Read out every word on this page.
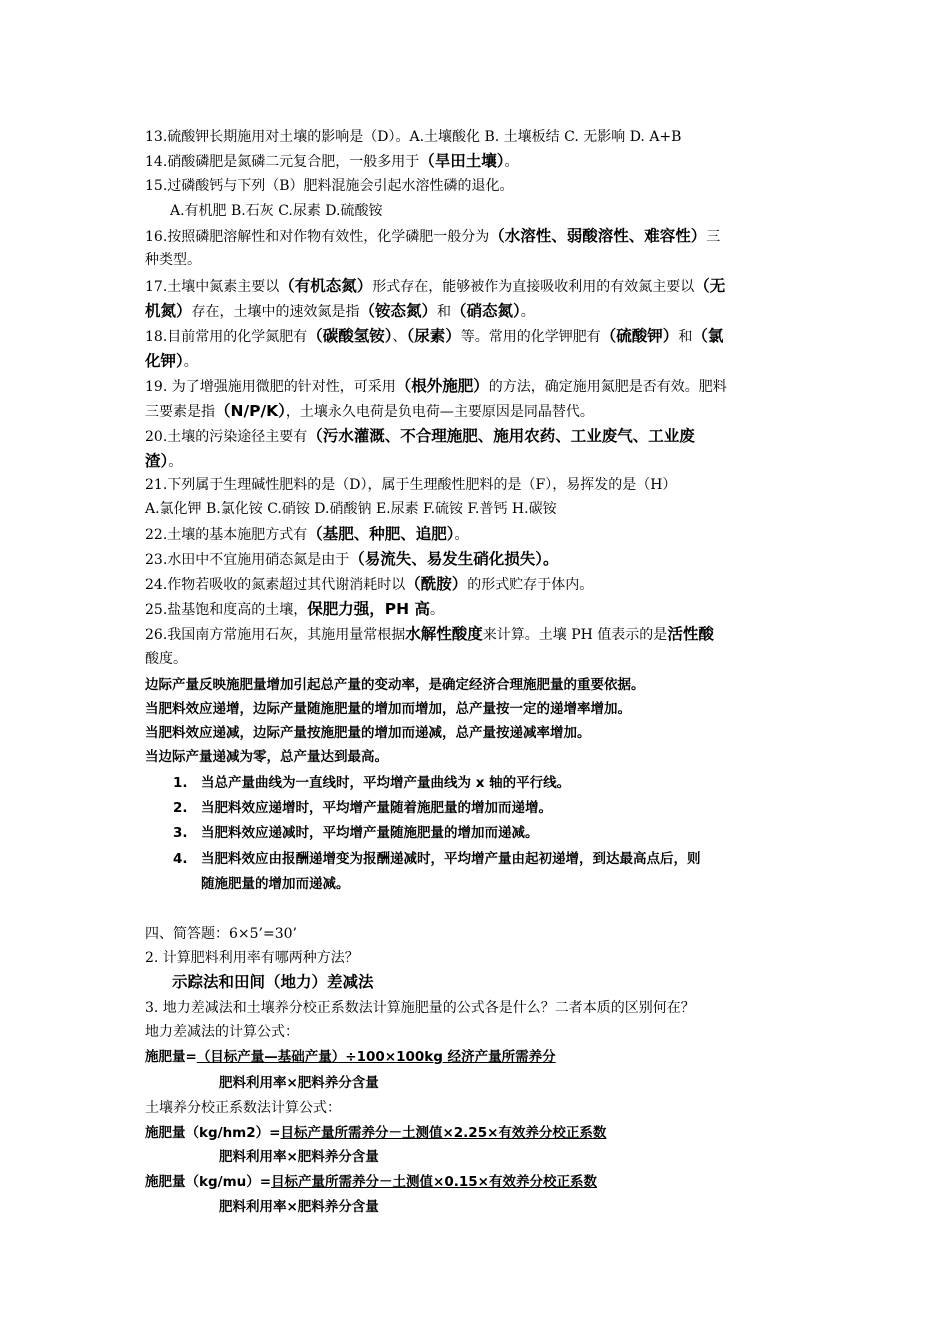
13.硫酸钾长期施用对土壤的影响是（D）。A.土壤酸化 B. 土壤板结 C. 无影响 D. A+B
14.硝酸磷肥是氮磷二元复合肥，一般多用于（旱田土壤）。
15.过磷酸钙与下列（B）肥料混施会引起水溶性磷的退化。
A.有机肥 B.石灰 C.尿素 D.硫酸铵
16.按照磷肥溶解性和对作物有效性，化学磷肥一般分为（水溶性、弱酸溶性、难容性）三
种类型。
17.土壤中氮素主要以（有机态氮）形式存在，能够被作为直接吸收利用的有效氮主要以（无
机氮）存在，土壤中的速效氮是指（铵态氮）和（硝态氮）。
18.目前常用的化学氮肥有（碳酸氢铵）、（尿素）等。常用的化学钾肥有（硫酸钾）和（氯
化钾）。
19. 为了增强施用微肥的针对性，可采用（根外施肥）的方法，确定施用氮肥是否有效。肥料
三要素是指（N/P/K），土壤永久电荷是负电荷—主要原因是同晶替代。
20.土壤的污染途径主要有（污水灌溉、不合理施肥、施用农药、工业废气、工业废
渣）。
21.下列属于生理碱性肥料的是（D），属于生理酸性肥料的是（F），易挥发的是（H）
A.氯化钾 B.氯化铵 C.硝铵 D.硝酸钠 E.尿素 F.硫铵 F.普钙 H.碳铵
22.土壤的基本施肥方式有（基肥、种肥、追肥）。
23.水田中不宜施用硝态氮是由于（易流失、易发生硝化损失）。
24.作物若吸收的氮素超过其代谢消耗时以（酰胺）的形式贮存于体内。
25.盐基饱和度高的土壤，保肥力强，PH 高。
26.我国南方常施用石灰，其施用量常根据水解性酸度来计算。土壤 PH 值表示的是活性酸
酸度。
边际产量反映施肥量增加引起总产量的变动率，是确定经济合理施肥量的重要依据。
当肥料效应递增，边际产量随施肥量的增加而增加，总产量按一定的递增率增加。
当肥料效应递减，边际产量按施肥量的增加而递减，总产量按递减率增加。
当边际产量递减为零，总产量达到最高。
1. 当总产量曲线为一直线时，平均增产量曲线为 x 轴的平行线。
2. 当肥料效应递增时，平均增产量随着施肥量的增加而递增。
3. 当肥料效应递减时，平均增产量随施肥量的增加而递减。
4. 当肥料效应由报酬递增变为报酬递减时，平均增产量由起初递增，到达最高点后，则
随施肥量的增加而递减。
四、简答题：6×5’=30’
2. 计算肥料利用率有哪两种方法？
示踪法和田间（地力）差减法
3. 地力差减法和土壤养分校正系数法计算施肥量的公式各是什么？二者本质的区别何在？
地力差减法的计算公式：
施肥量=（目标产量—基础产量）÷100×100kg 经济产量所需养分
肥料利用率×肥料养分含量
土壤养分校正系数法计算公式：
施肥量（kg/hm2）=目标产量所需养分－土测值×2.25×有效养分校正系数
肥料利用率×肥料养分含量
施肥量（kg/mu）=目标产量所需养分－土测值×0.15×有效养分校正系数
肥料利用率×肥料养分含量
